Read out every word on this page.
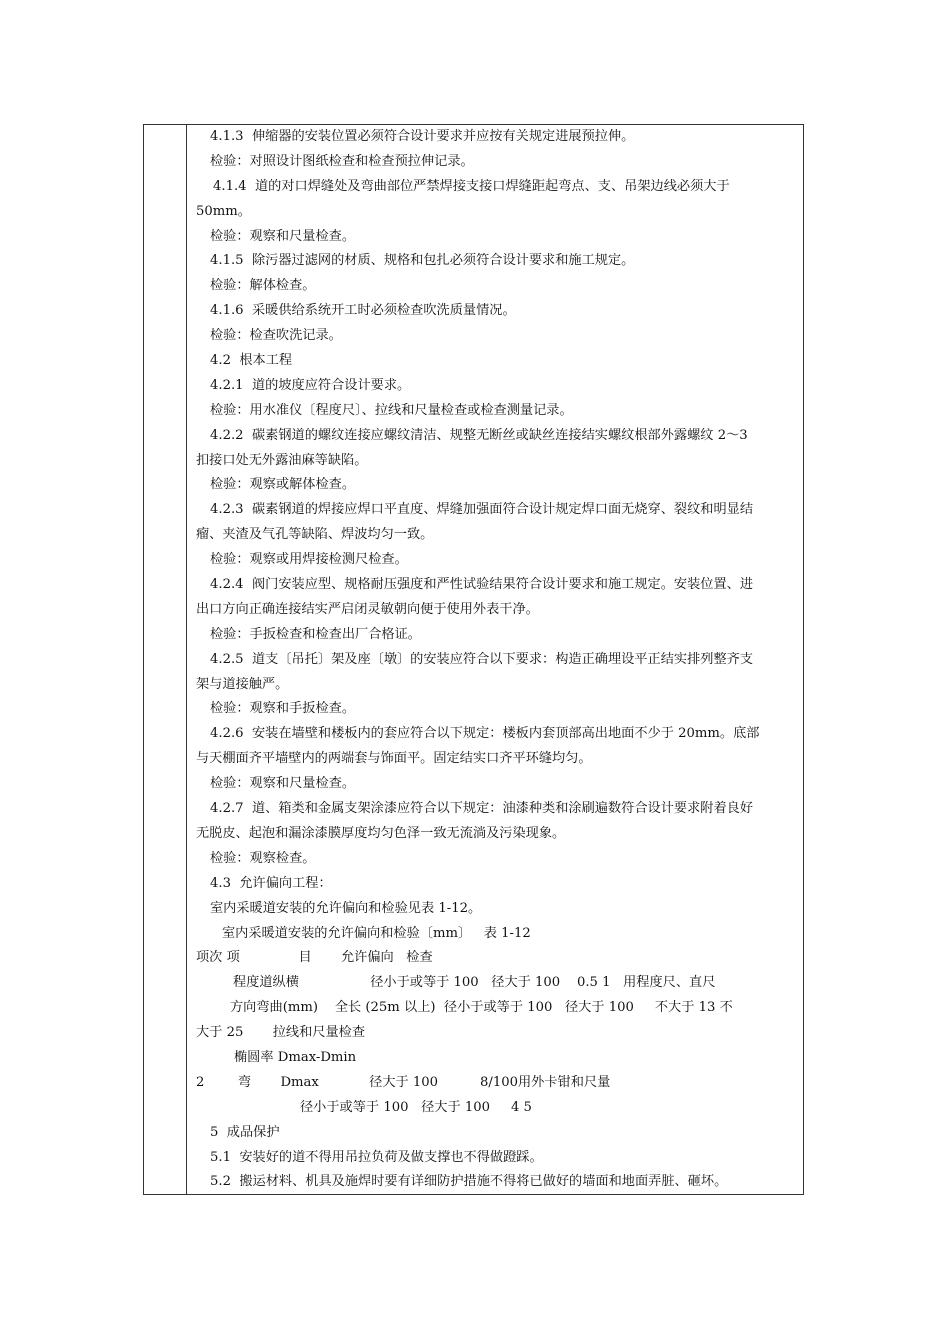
4.1.3  伸缩器的安装位置必须符合设计要求并应按有关规定进展预拉伸。
检验：对照设计图纸检查和检查预拉伸记录。
4.1.4  道的对口焊缝处及弯曲部位严禁焊接支接口焊缝距起弯点、支、吊架边线必须大于
50mm。
检验：观察和尺量检查。
4.1.5  除污器过滤网的材质、规格和包扎必须符合设计要求和施工规定。
检验：解体检查。
4.1.6  采暖供给系统开工时必须检查吹洗质量情况。
检验：检查吹洗记录。
4.2  根本工程
4.2.1  道的坡度应符合设计要求。
检验：用水准仪〔程度尺〕、拉线和尺量检查或检查测量记录。
4.2.2  碳素钢道的螺纹连接应螺纹清洁、规整无断丝或缺丝连接结实螺纹根部外露螺纹 2～3
扣接口处无外露油麻等缺陷。
检验：观察或解体检查。
4.2.3  碳素钢道的焊接应焊口平直度、焊缝加强面符合设计规定焊口面无烧穿、裂纹和明显结
瘤、夹渣及气孔等缺陷、焊波均匀一致。
检验：观察或用焊接检测尺检查。
4.2.4  阀门安装应型、规格耐压强度和严性试验结果符合设计要求和施工规定。安装位置、进
出口方向正确连接结实严启闭灵敏朝向便于使用外表干净。
检验：手扳检查和检查出厂合格证。
4.2.5  道支〔吊托〕架及座〔墩〕的安装应符合以下要求：构造正确埋设平正结实排列整齐支
架与道接触严。
检验：观察和手扳检查。
4.2.6  安装在墙壁和楼板内的套应符合以下规定：楼板内套顶部高出地面不少于 20mm。底部
与天棚面齐平墙壁内的两端套与饰面平。固定结实口齐平环缝均匀。
检验：观察和尺量检查。
4.2.7  道、箱类和金属支架涂漆应符合以下规定：油漆种类和涂刷遍数符合设计要求附着良好
无脱皮、起泡和漏涂漆膜厚度均匀色泽一致无流淌及污染现象。
检验：观察检查。
4.3  允许偏向工程：
室内采暖道安装的允许偏向和检验见表 1-12。
室内采暖道安装的允许偏向和检验〔mm〕   表 1-12
项次 项              目       允许偏向   检查
程度道纵横                 径小于或等于 100   径大于 100    0.5 1   用程度尺、直尺
方向弯曲(mm)    全长 (25m 以上)  径小于或等于 100   径大于 100     不大于 13 不
大于 25       拉线和尺量检查
椭圆率 Dmax-Dmin
2        弯       Dmax            径大于 100          8/100用外卡钳和尺量
径小于或等于 100   径大于 100     4 5
5  成品保护
5.1  安装好的道不得用吊拉负荷及做支撑也不得做蹬踩。
5.2  搬运材料、机具及施焊时要有详细防护措施不得将已做好的墙面和地面弄脏、砸坏。
